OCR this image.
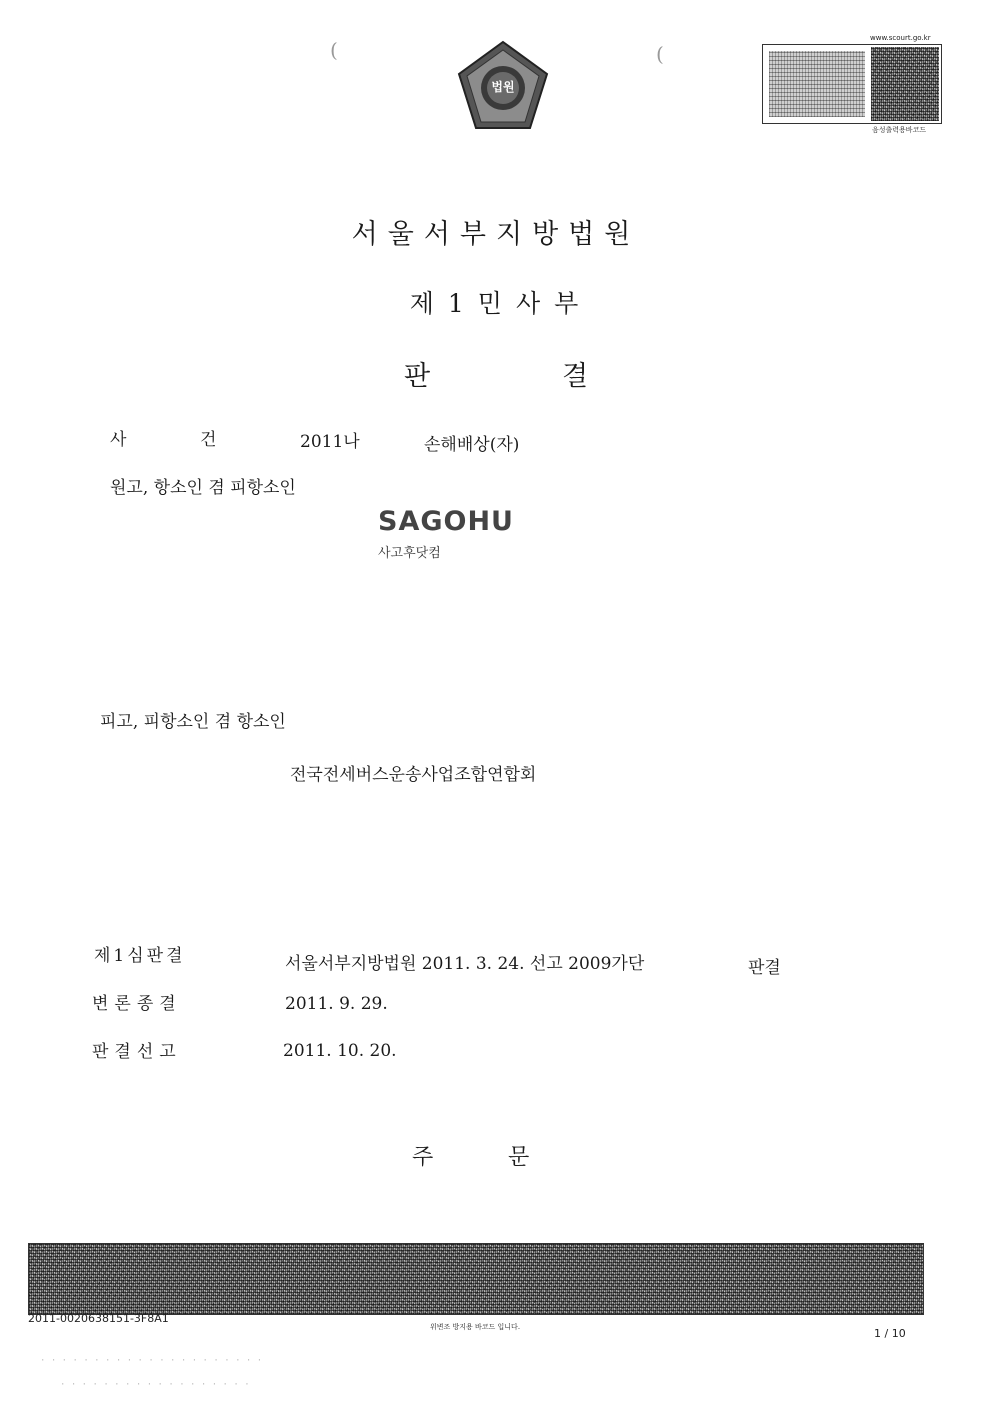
(	(
법원
www.scourt.go.kr
음성출력용바코드
서울서부지방법원
제1민사부
판	결
사	건	2011나	손해배상(자)
원고, 항소인 겸 피항소인
SAGOHU
사고후닷컴
피고, 피항소인 겸 항소인
전국전세버스운송사업조합연합회
제1심판결	서울서부지방법원 2011. 3. 24. 선고 2009가단	판결
변론종결	2011. 9. 29.
판결선고	2011. 10. 20.
주	문
2011-0020638151-3F8A1
위변조 방지용 바코드 입니다.	1 / 10
· · · · · · · · · · · · · · · · · · · · ·
· · · · · · · · · · · · · · · · · ·
